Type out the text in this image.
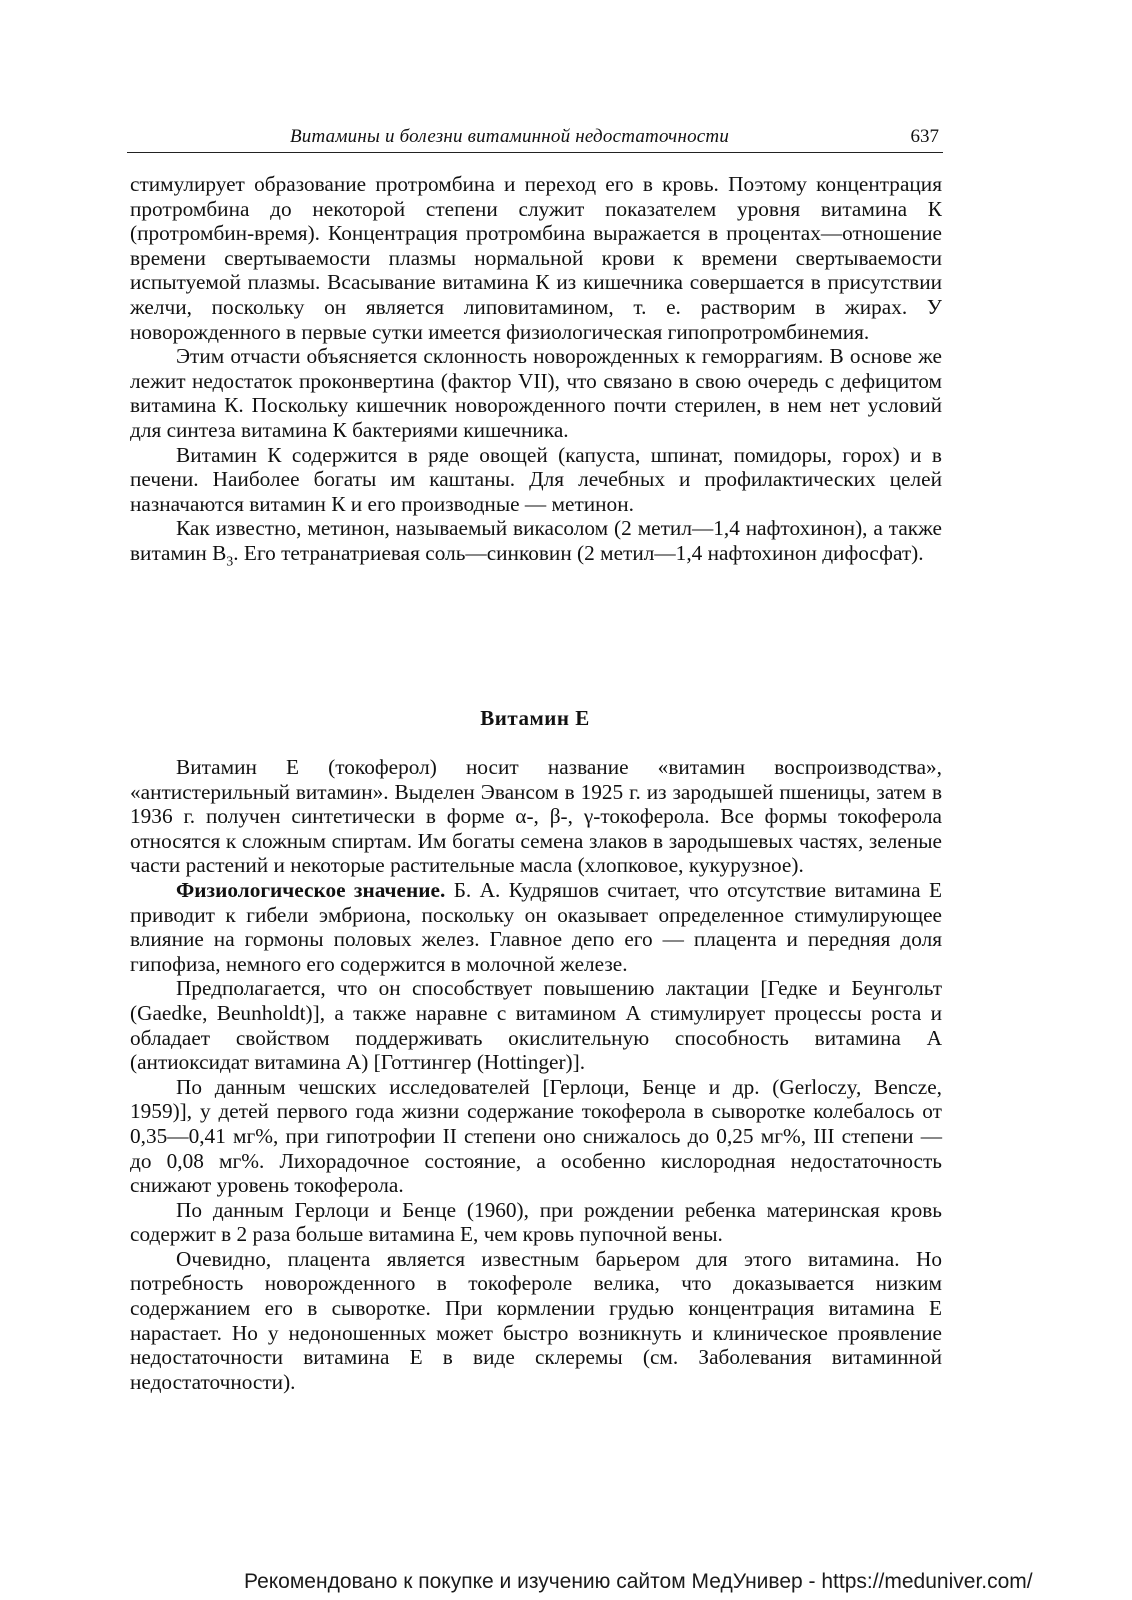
Витамины и болезни витаминной недостаточности	637

стимулирует образование протромбина и переход его в кровь. Поэтому концентрация протромбина до некоторой степени служит показателем уровня витамина К (протромбин-время). Концентрация протромбина выражается в процентах—отношение времени свертываемости плазмы нормальной крови к времени свертываемости испытуемой плазмы. Всасывание витамина К из кишечника совершается в присутствии желчи, поскольку он является липовитамином, т. е. растворим в жирах. У новорожденного в первые сутки имеется физиологическая гипопротромбинемия.

Этим отчасти объясняется склонность новорожденных к геморрагиям. В основе же лежит недостаток проконвертина (фактор VII), что связано в свою очередь с дефицитом витамина К. Поскольку кишечник новорожденного почти стерилен, в нем нет условий для синтеза витамина К бактериями кишечника.

Витамин К содержится в ряде овощей (капуста, шпинат, помидоры, горох) и в печени. Наиболее богаты им каштаны. Для лечебных и профилактических целей назначаются витамин К и его производные — метинон.

Как известно, метинон, называемый викасолом (2 метил—1,4 нафтохинон), а также витамин $В_3$. Его тетранатриевая соль—синковин (2 метил—1,4 нафтохинон дифосфат).

Витамин Е

Витамин Е (токоферол) носит название «витамин воспроизводства», «антистерильный витамин». Выделен Эвансом в 1925 г. из зародышей пшеницы, затем в 1936 г. получен синтетически в форме α-, β-, γ-токоферола. Все формы токоферола относятся к сложным спиртам. Им богаты семена злаков в зародышевых частях, зеленые части растений и некоторые растительные масла (хлопковое, кукурузное).

Физиологическое значение. Б. А. Кудряшов считает, что отсутствие витамина Е приводит к гибели эмбриона, поскольку он оказывает определенное стимулирующее влияние на гормоны половых желез. Главное депо его — плацента и передняя доля гипофиза, немного его содержится в молочной железе.

Предполагается, что он способствует повышению лактации [Гедке и Беунгольт (Gaedke, Beunholdt)], а также наравне с витамином А стимулирует процессы роста и обладает свойством поддерживать окислительную способность витамина А (антиоксидат витамина А) [Готтингер (Hottinger)].

По данным чешских исследователей [Герлоци, Бенце и др. (Gerloczy, Bencze, 1959)], у детей первого года жизни содержание токоферола в сыворотке колебалось от 0,35—0,41 мг%, при гипотрофии II степени оно снижалось до 0,25 мг%, III степени — до 0,08 мг%. Лихорадочное состояние, а особенно кислородная недостаточность снижают уровень токоферола.

По данным Герлоци и Бенце (1960), при рождении ребенка материнская кровь содержит в 2 раза больше витамина Е, чем кровь пупочной вены.

Очевидно, плацента является известным барьером для этого витамина. Но потребность новорожденного в токофероле велика, что доказывается низким содержанием его в сыворотке. При кормлении грудью концентрация витамина Е нарастает. Но у недоношенных может быстро возникнуть и клиническое проявление недостаточности витамина Е в виде склеремы (см. Заболевания витаминной недостаточности).

Рекомендовано к покупке и изучению сайтом МедУнивер - https://meduniver.com/
